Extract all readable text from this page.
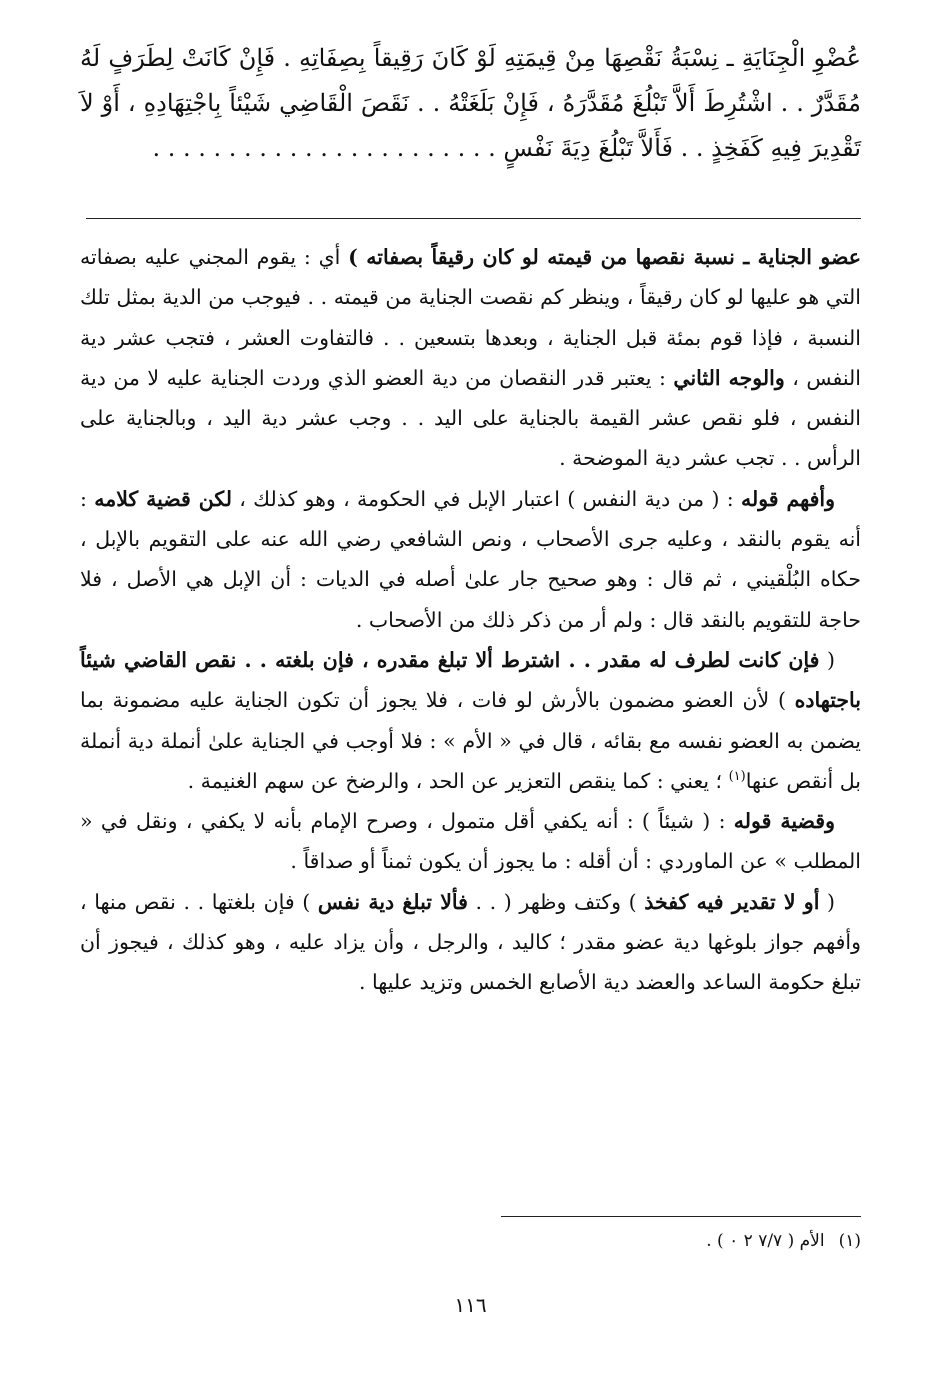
عُضْوِ الْجِنَايَةِ ـ نِسْبَةُ نَقْصِهَا مِنْ قِيمَتِهِ لَوْ كَانَ رَقِيقاً بِصِفَاتِهِ . فَإِنْ كَانَتْ لِطَرَفٍ لَهُ
مُقَدَّرٌ . . اشْتُرِطَ أَلاَّ تَبْلُغَ مُقَدَّرَهُ ، فَإِنْ بَلَغَتْهُ . . نَقَصَ الْقَاضِي شَيْئاً بِاجْتِهَادِهِ ، أَوْ لاَ
تَقْدِيرَ فِيهِ كَفَخِذٍ . . فَأَلاَّ تَبْلُغَ دِيَةَ نَفْسٍ . . . . . . . . . . . . . . . . . . . . . . .

عضو الجناية ـ نسبة نقصها من قيمته لو كان رقيقاً بصفاته ) أي : يقوم المجني عليه بصفاته التي هو عليها لو كان رقيقاً ، وينظر كم نقصت الجناية من قيمته . . فيوجب من الدية بمثل تلك النسبة ، فإذا قوم بمئة قبل الجناية ، وبعدها بتسعين . . فالتفاوت العشر ، فتجب عشر دية النفس ، والوجه الثاني : يعتبر قدر النقصان من دية العضو الذي وردت الجناية عليه لا من دية النفس ، فلو نقص عشر القيمة بالجناية على اليد . . وجب عشر دية اليد ، وبالجناية على الرأس . . تجب عشر دية الموضحة .

وأفهم قوله : ( من دية النفس ) اعتبار الإبل في الحكومة ، وهو كذلك ، لكن قضية كلامه : أنه يقوم بالنقد ، وعليه جرى الأصحاب ، ونص الشافعي رضي الله عنه على التقويم بالإبل ، حكاه البُلْقيني ، ثم قال : وهو صحيح جار علىٰ أصله في الديات : أن الإبل هي الأصل ، فلا حاجة للتقويم بالنقد قال : ولم أر من ذكر ذلك من الأصحاب .

( فإن كانت لطرف له مقدر . . اشترط ألا تبلغ مقدره ، فإن بلغته . . نقص القاضي شيئاً باجتهاده ) لأن العضو مضمون بالأرش لو فات ، فلا يجوز أن تكون الجناية عليه مضمونة بما يضمن به العضو نفسه مع بقائه ، قال في « الأم » : فلا أوجب في الجناية علىٰ أنملة دية أنملة بل أنقص عنها$^{(١)}$ ؛ يعني : كما ينقص التعزير عن الحد ، والرضخ عن سهم الغنيمة .

وقضية قوله : ( شيئاً ) : أنه يكفي أقل متمول ، وصرح الإمام بأنه لا يكفي ، ونقل في « المطلب » عن الماوردي : أن أقله : ما يجوز أن يكون ثمناً أو صداقاً .

( أو لا تقدير فيه كفخذ ) وكتف وظهر ( . . فألا تبلغ دية نفس ) فإن بلغتها . . نقص منها ، وأفهم جواز بلوغها دية عضو مقدر ؛ كاليد ، والرجل ، وأن يزاد عليه ، وهو كذلك ، فيجوز أن تبلغ حكومة الساعد والعضد دية الأصابع الخمس وتزيد عليها .

(١)الأم ( ٧/٧ ٢ ٠ ) .
١١٦
